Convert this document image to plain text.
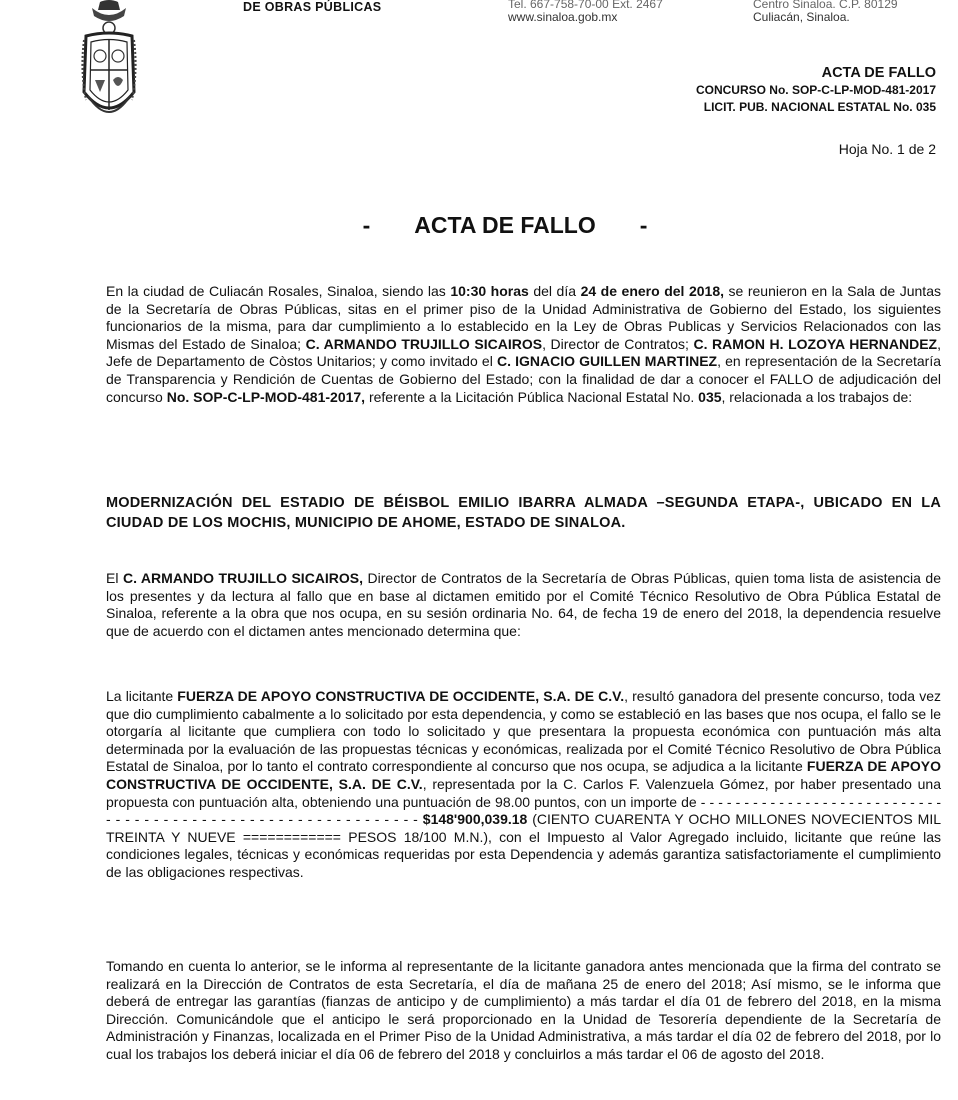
DE OBRAS PÚBLICAS	Tel. 667-758-70-00 Ext. 2467
www.sinaloa.gob.mx
Centro Sinaloa. C.P. 80129
Culiacán, Sinaloa.
ACTA DE FALLO
CONCURSO No. SOP-C-LP-MOD-481-2017
LICIT. PUB. NACIONAL ESTATAL No. 035
Hoja No. 1 de 2
- ACTA DE FALLO -
En la ciudad de Culiacán Rosales, Sinaloa, siendo las 10:30 horas del día 24 de enero del 2018, se reunieron en la Sala de Juntas de la Secretaría de Obras Públicas, sitas en el primer piso de la Unidad Administrativa de Gobierno del Estado, los siguientes funcionarios de la misma, para dar cumplimiento a lo establecido en la Ley de Obras Publicas y Servicios Relacionados con las Mismas del Estado de Sinaloa; C. ARMANDO TRUJILLO SICAIROS, Director de Contratos; C. RAMON H. LOZOYA HERNANDEZ, Jefe de Departamento de Còstos Unitarios; y como invitado el C. IGNACIO GUILLEN MARTINEZ, en representación de la Secretaría de Transparencia y Rendición de Cuentas de Gobierno del Estado; con la finalidad de dar a conocer el FALLO de adjudicación del concurso No. SOP-C-LP-MOD-481-2017, referente a la Licitación Pública Nacional Estatal No. 035, relacionada a los trabajos de:
MODERNIZACIÓN DEL ESTADIO DE BÉISBOL EMILIO IBARRA ALMADA –SEGUNDA ETAPA-, UBICADO EN LA CIUDAD DE LOS MOCHIS, MUNICIPIO DE AHOME, ESTADO DE SINALOA.
El C. ARMANDO TRUJILLO SICAIROS, Director de Contratos de la Secretaría de Obras Públicas, quien toma lista de asistencia de los presentes y da lectura al fallo que en base al dictamen emitido por el Comité Técnico Resolutivo de Obra Pública Estatal de Sinaloa, referente a la obra que nos ocupa, en su sesión ordinaria No. 64, de fecha 19 de enero del 2018, la dependencia resuelve que de acuerdo con el dictamen antes mencionado determina que:
La licitante FUERZA DE APOYO CONSTRUCTIVA DE OCCIDENTE, S.A. DE C.V., resultó ganadora del presente concurso, toda vez que dio cumplimiento cabalmente a lo solicitado por esta dependencia, y como se estableció en las bases que nos ocupa, el fallo se le otorgaría al licitante que cumpliera con todo lo solicitado y que presentara la propuesta económica con puntuación más alta determinada por la evaluación de las propuestas técnicas y económicas, realizada por el Comité Técnico Resolutivo de Obra Pública Estatal de Sinaloa, por lo tanto el contrato correspondiente al concurso que nos ocupa, se adjudica a la licitante FUERZA DE APOYO CONSTRUCTIVA DE OCCIDENTE, S.A. DE C.V., representada por la C. Carlos F. Valenzuela Gómez, por haber presentado una propuesta con puntuación alta, obteniendo una puntuación de 98.00 puntos, con un importe de - - - - - - - - - - - - - - - - - - - - - - - - - - - - - - - - - - - - - - - - - - - - - - - - - - - - - - - - - - - - - $148'900,039.18 (CIENTO CUARENTA Y OCHO MILLONES NOVECIENTOS MIL TREINTA Y NUEVE ============ PESOS 18/100 M.N.), con el Impuesto al Valor Agregado incluido, licitante que reúne las condiciones legales, técnicas y económicas requeridas por esta Dependencia y además garantiza satisfactoriamente el cumplimiento de las obligaciones respectivas.
Tomando en cuenta lo anterior, se le informa al representante de la licitante ganadora antes mencionada que la firma del contrato se realizará en la Dirección de Contratos de esta Secretaría, el día de mañana 25 de enero del 2018; Así mismo, se le informa que deberá de entregar las garantías (fianzas de anticipo y de cumplimiento) a más tardar el día 01 de febrero del 2018, en la misma Dirección. Comunicándole que el anticipo le será proporcionado en la Unidad de Tesorería dependiente de la Secretaría de Administración y Finanzas, localizada en el Primer Piso de la Unidad Administrativa, a más tardar el día 02 de febrero del 2018, por lo cual los trabajos los deberá iniciar el día 06 de febrero del 2018 y concluirlos a más tardar el 06 de agosto del 2018.
